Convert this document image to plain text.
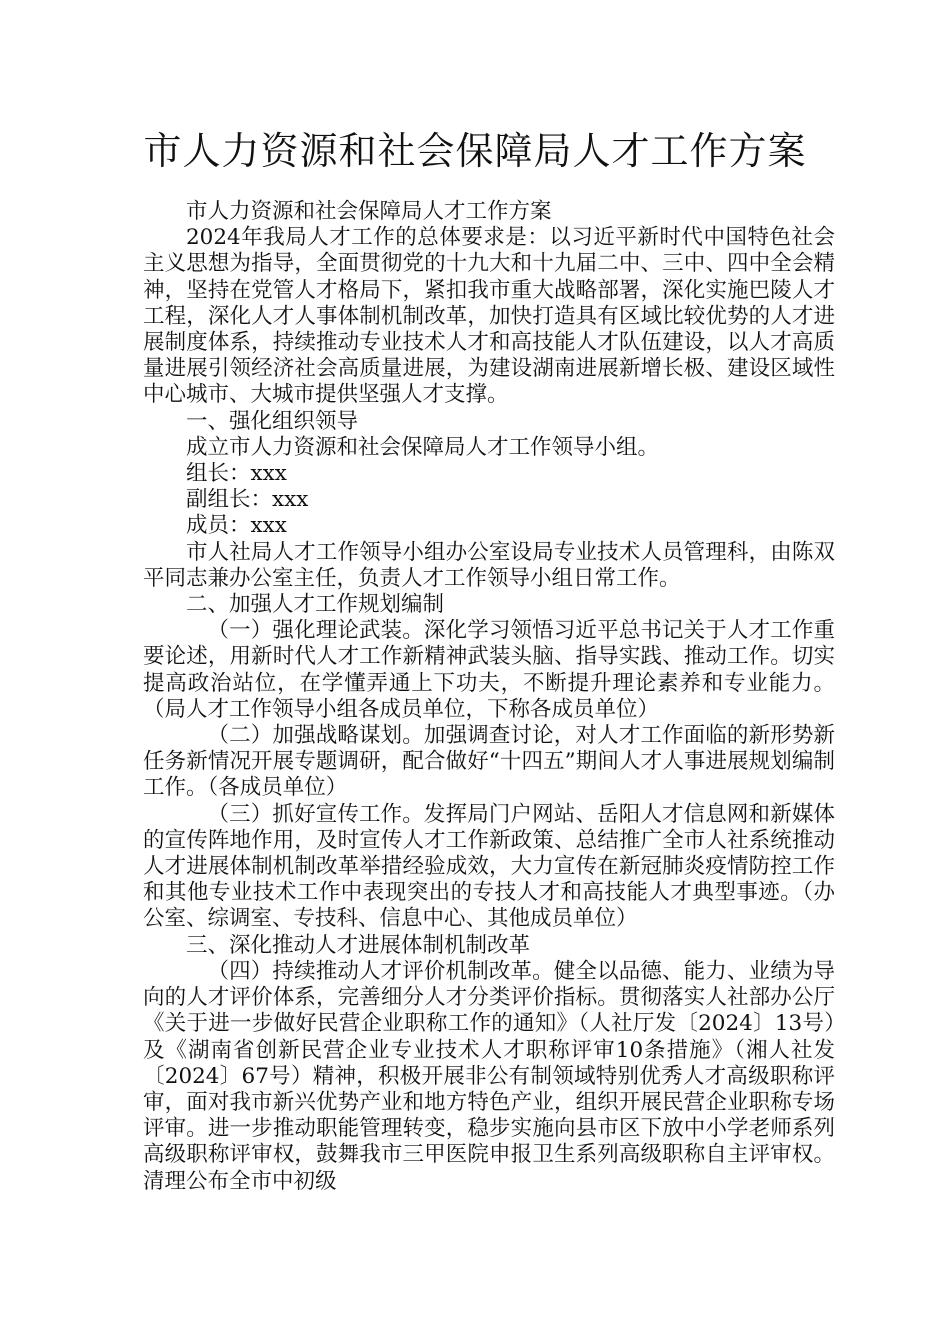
市人力资源和社会保障局人才工作方案

市人力资源和社会保障局人才工作方案

2024年我局人才工作的总体要求是：以习近平新时代中国特色社会主义思想为指导，全面贯彻党的十九大和十九届二中、三中、四中全会精神，坚持在党管人才格局下，紧扣我市重大战略部署，深化实施巴陵人才工程，深化人才人事体制机制改革，加快打造具有区域比较优势的人才进展制度体系，持续推动专业技术人才和高技能人才队伍建设，以人才高质量进展引领经济社会高质量进展，为建设湖南进展新增长极、建设区域性中心城市、大城市提供坚强人才支撑。

一、强化组织领导

成立市人力资源和社会保障局人才工作领导小组。

组长：xxx

副组长：xxx

成员：xxx

市人社局人才工作领导小组办公室设局专业技术人员管理科，由陈双平同志兼办公室主任，负责人才工作领导小组日常工作。

二、加强人才工作规划编制

（一）强化理论武装。深化学习领悟习近平总书记关于人才工作重要论述，用新时代人才工作新精神武装头脑、指导实践、推动工作。切实提高政治站位，在学懂弄通上下功夫，不断提升理论素养和专业能力。（局人才工作领导小组各成员单位，下称各成员单位）

（二）加强战略谋划。加强调查讨论，对人才工作面临的新形势新任务新情况开展专题调研，配合做好“十四五”期间人才人事进展规划编制工作。（各成员单位）

（三）抓好宣传工作。发挥局门户网站、岳阳人才信息网和新媒体的宣传阵地作用，及时宣传人才工作新政策、总结推广全市人社系统推动人才进展体制机制改革举措经验成效，大力宣传在新冠肺炎疫情防控工作和其他专业技术工作中表现突出的专技人才和高技能人才典型事迹。（办公室、综调室、专技科、信息中心、其他成员单位）

三、深化推动人才进展体制机制改革

（四）持续推动人才评价机制改革。健全以品德、能力、业绩为导向的人才评价体系，完善细分人才分类评价指标。贯彻落实人社部办公厅《关于进一步做好民营企业职称工作的通知》（人社厅发〔2024〕13号）及《湖南省创新民营企业专业技术人才职称评审10条措施》（湘人社发〔2024〕67号）精神，积极开展非公有制领域特别优秀人才高级职称评审，面对我市新兴优势产业和地方特色产业，组织开展民营企业职称专场评审。进一步推动职能管理转变，稳步实施向县市区下放中小学老师系列高级职称评审权，鼓舞我市三甲医院申报卫生系列高级职称自主评审权。清理公布全市中初级
